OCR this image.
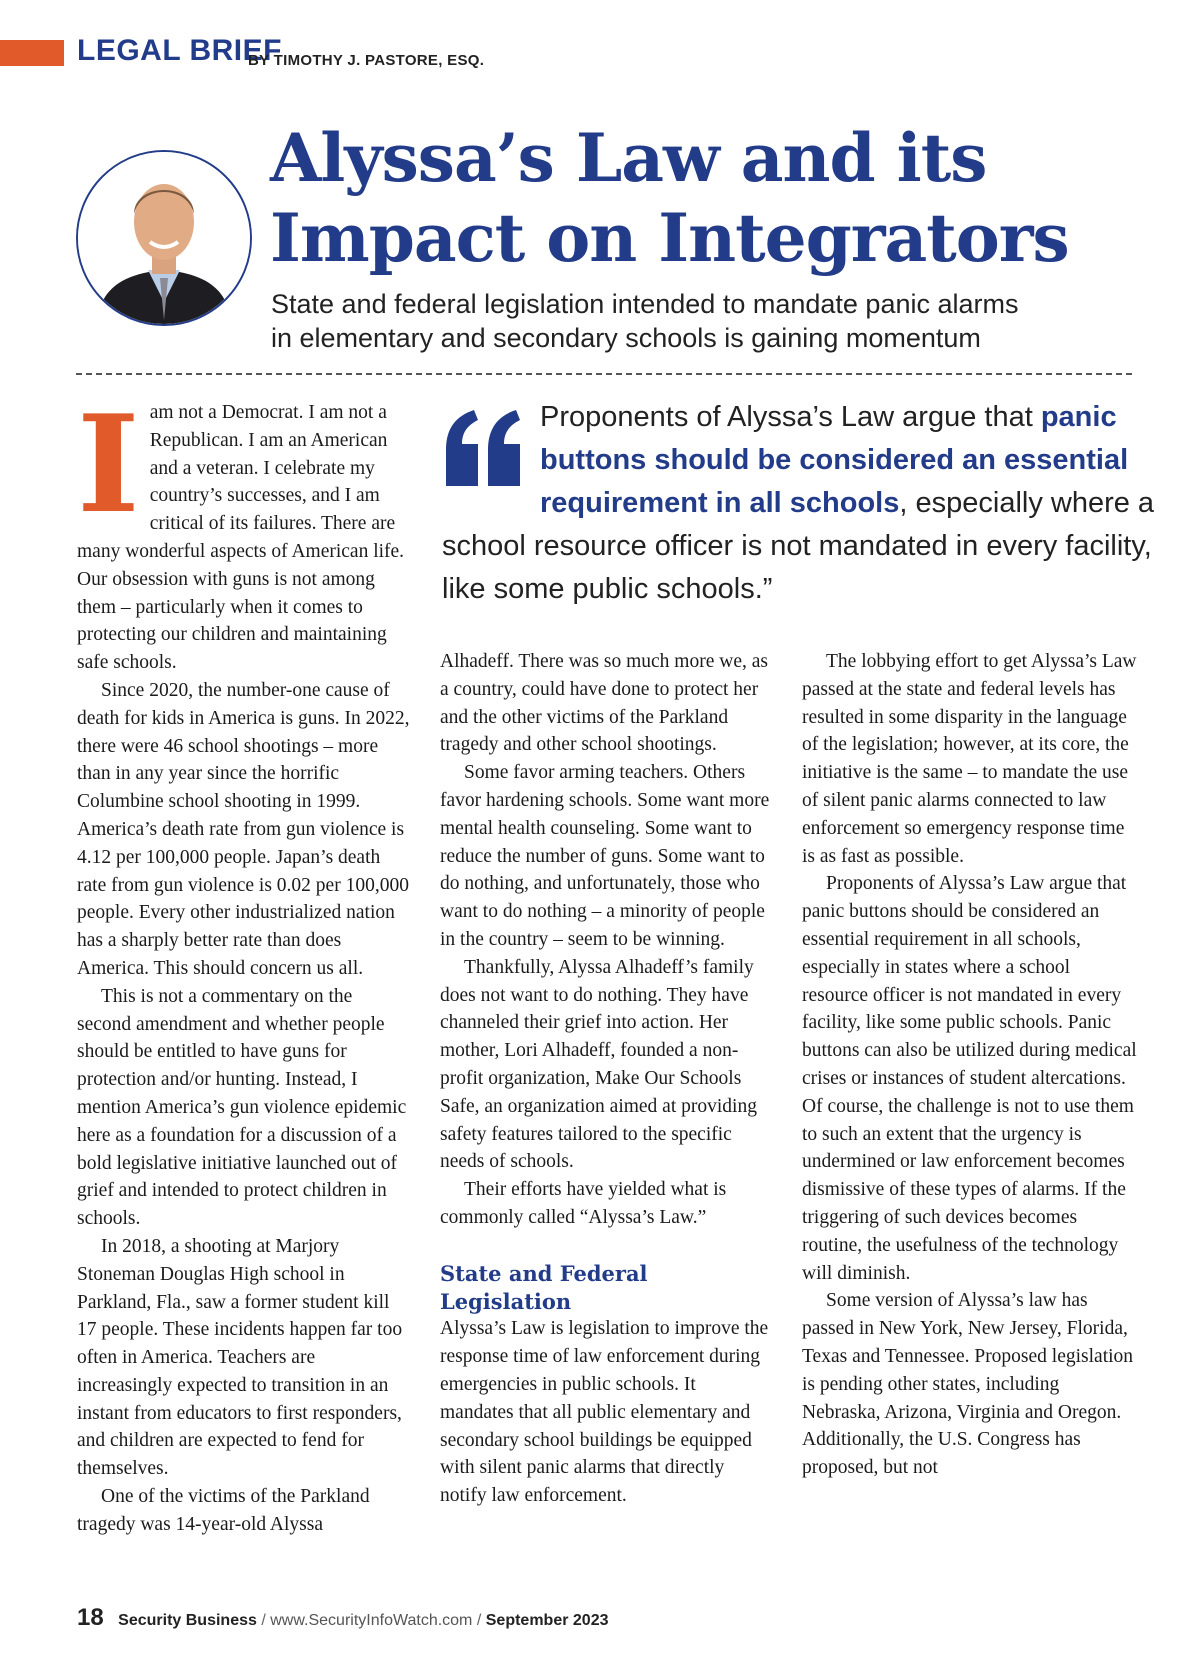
LEGAL BRIEF
BY TIMOTHY J. PASTORE, ESQ.
Alyssa’s Law and its
Impact on Integrators

State and federal legislation intended to mandate panic alarms
in elementary and secondary schools is gaining momentum

Iam not a Democrat. I am not a Republican. I am an American and a veteran. I celebrate my country’s successes, and I am critical of its failures. There are many wonderful aspects of American life. Our obsession with guns is not among them – particularly when it comes to protecting our children and maintaining safe schools.

Since 2020, the number-one cause of death for kids in America is guns. In 2022, there were 46 school shootings – more than in any year since the horrific Columbine school shooting in 1999. America’s death rate from gun violence is 4.12 per 100,000 people. Japan’s death rate from gun violence is 0.02 per 100,000 people. Every other industrialized nation has a sharply better rate than does America. This should concern us all.

This is not a commentary on the second amendment and whether people should be entitled to have guns for protection and/or hunting. Instead, I mention America’s gun violence epidemic here as a foundation for a discussion of a bold legislative initiative launched out of grief and intended to protect children in schools.

In 2018, a shooting at Marjory Stoneman Douglas High school in Parkland, Fla., saw a former student kill 17 people. These incidents happen far too often in America. Teachers are increasingly expected to transition in an instant from educators to first responders, and children are expected to fend for themselves.

One of the victims of the Parkland tragedy was 14-year-old Alyssa

Proponents of Alyssa’s Law argue that panic buttons should be considered an essential requirement in all schools, especially where a school resource officer is not mandated in every facility, like some public schools.”

Alhadeff. There was so much more we, as a country, could have done to protect her and the other victims of the Parkland tragedy and other school shootings.

Some favor arming teachers. Others favor hardening schools. Some want more mental health counseling. Some want to reduce the number of guns. Some want to do nothing, and unfortunately, those who want to do nothing – a minority of people in the country – seem to be winning.

Thankfully, Alyssa Alhadeff’s family does not want to do nothing. They have channeled their grief into action. Her mother, Lori Alhadeff, founded a non-profit organization, Make Our Schools Safe, an organization aimed at providing safety features tailored to the specific needs of schools.

Their efforts have yielded what is commonly called “Alyssa’s Law.”

State and Federal Legislation

Alyssa’s Law is legislation to improve the response time of law enforcement during emergencies in public schools. It mandates that all public elementary and secondary school buildings be equipped with silent panic alarms that directly notify law enforcement.

The lobbying effort to get Alyssa’s Law passed at the state and federal levels has resulted in some disparity in the language of the legislation; however, at its core, the initiative is the same – to mandate the use of silent panic alarms connected to law enforcement so emergency response time is as fast as possible.

Proponents of Alyssa’s Law argue that panic buttons should be considered an essential requirement in all schools, especially in states where a school resource officer is not mandated in every facility, like some public schools. Panic buttons can also be utilized during medical crises or instances of student altercations. Of course, the challenge is not to use them to such an extent that the urgency is undermined or law enforcement becomes dismissive of these types of alarms. If the triggering of such devices becomes routine, the usefulness of the technology will diminish.

Some version of Alyssa’s law has passed in New York, New Jersey, Florida, Texas and Tennessee. Proposed legislation is pending other states, including Nebraska, Arizona, Virginia and Oregon. Additionally, the U.S. Congress has proposed, but not

18 Security Business / www.SecurityInfoWatch.com / September 2023
